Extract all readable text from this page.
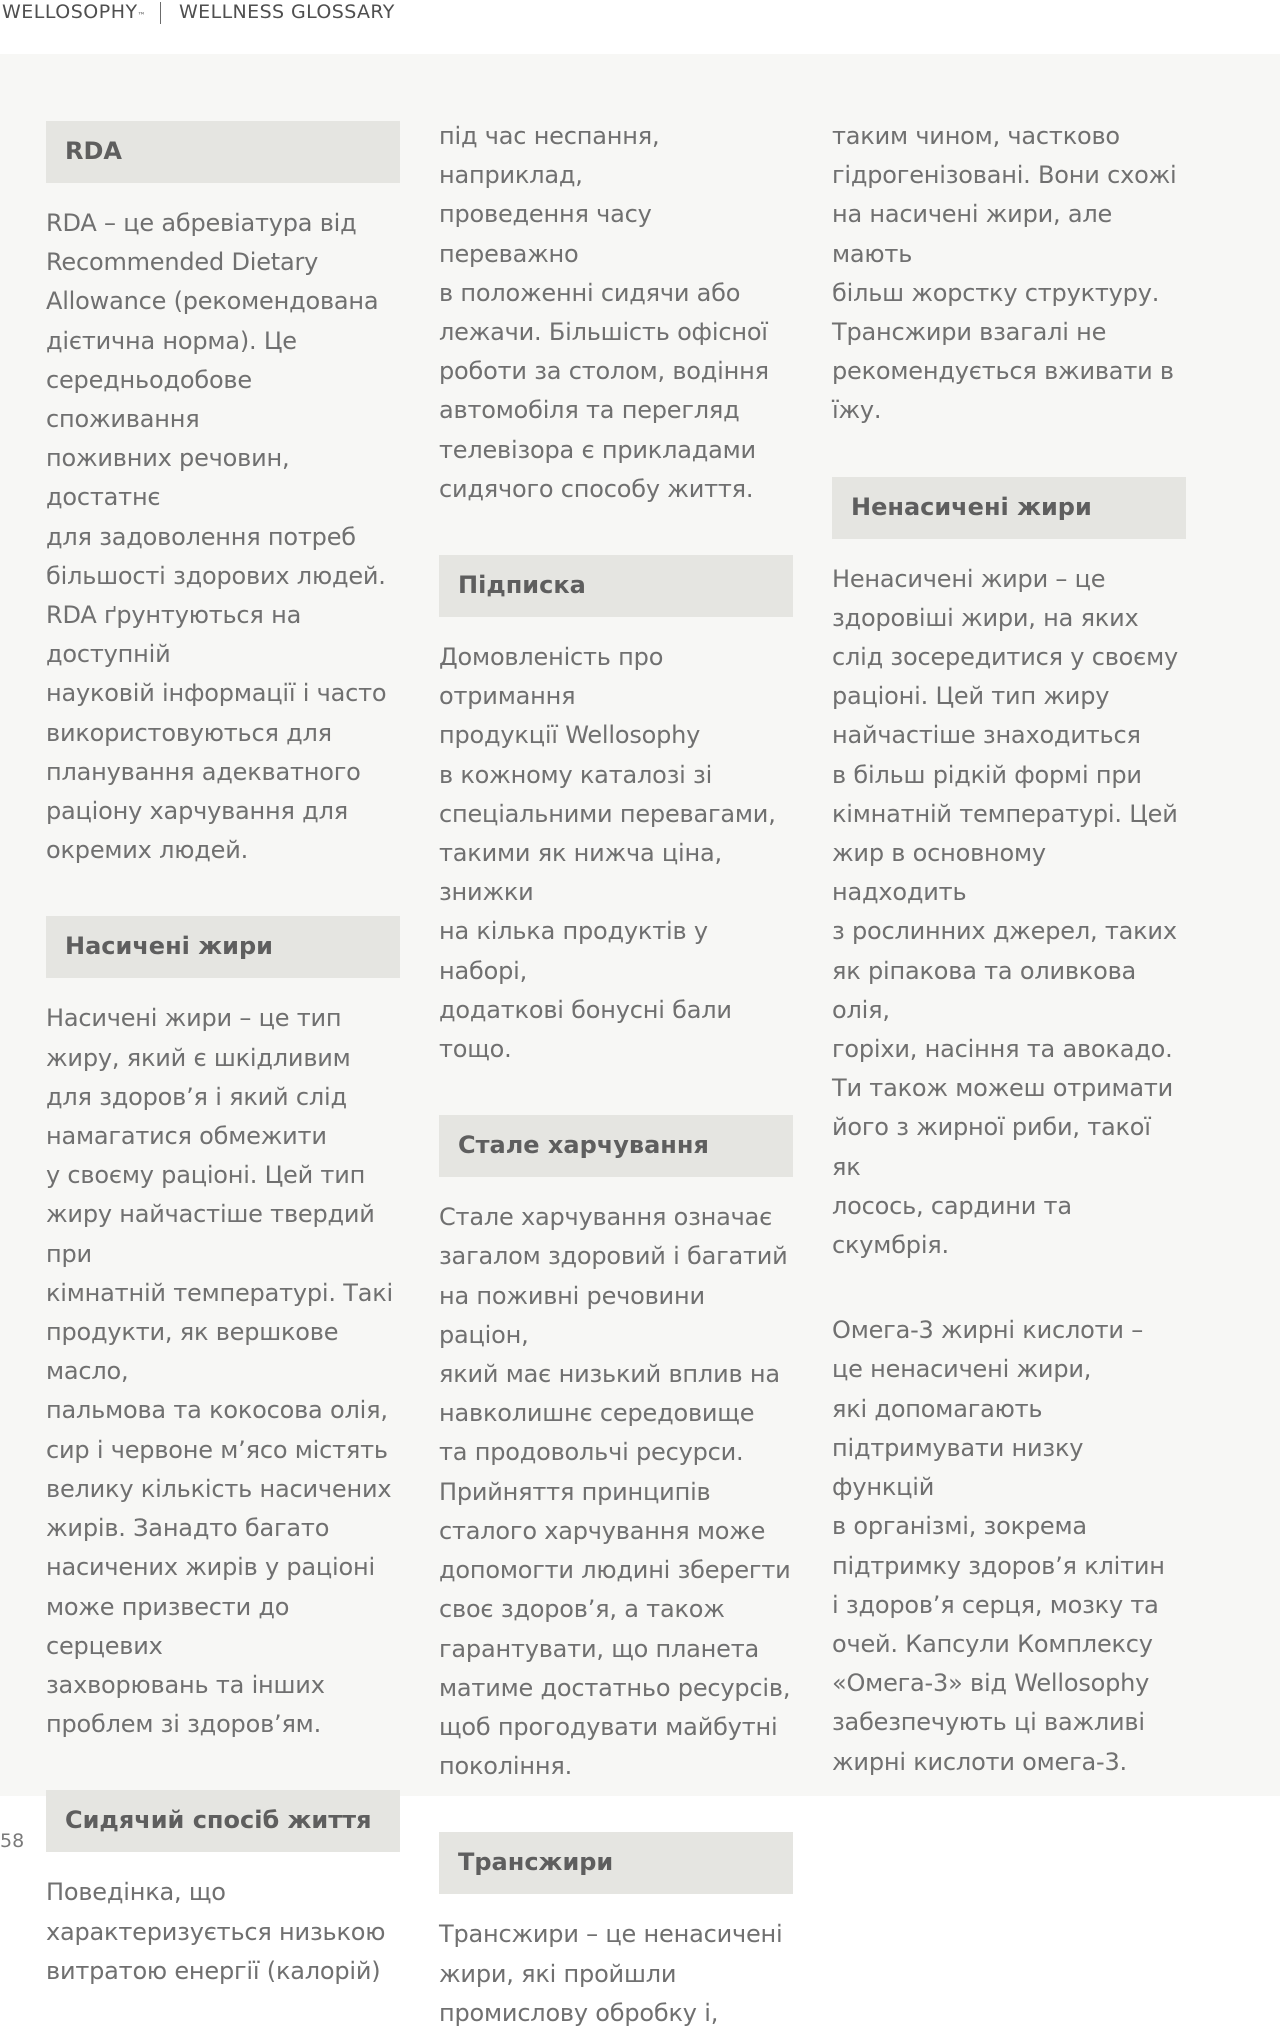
WELLOSOPHY™ WELLNESS GLOSSARY
RDA

RDA – це абревіатура від
Recommended Dietary
Allowance (рекомендована
дієтична норма). Це
середньодобове споживання
поживних речовин, достатнє
для задоволення потреб
більшості здорових людей.
RDA ґрунтуються на доступній
науковій інформації і часто
використовуються для
планування адекватного
раціону харчування для
окремих людей.

Насичені жири

Насичені жири – це тип
жиру, який є шкідливим
для здоров’я і який слід
намагатися обмежити
у своєму раціоні. Цей тип
жиру найчастіше твердий при
кімнатній температурі. Такі
продукти, як вершкове масло,
пальмова та кокосова олія,
сир і червоне м’ясо містять
велику кількість насичених
жирів. Занадто багато
насичених жирів у раціоні
може призвести до серцевих
захворювань та інших
проблем зі здоров’ям.

Сидячий спосіб життя

Поведінка, що
характеризується низькою
витратою енергії (калорій)

під час неспання, наприклад,
проведення часу переважно
в положенні сидячи або
лежачи. Більшість офісної
роботи за столом, водіння
автомобіля та перегляд
телевізора є прикладами
сидячого способу життя.

Підписка

Домовленість про отримання
продукції Wellosophy
в кожному каталозі зі
спеціальними перевагами,
такими як нижча ціна, знижки
на кілька продуктів у наборі,
додаткові бонусні бали тощо.

Стале харчування

Стале харчування означає
загалом здоровий і багатий
на поживні речовини раціон,
який має низький вплив на
навколишнє середовище
та продовольчі ресурси.
Прийняття принципів
сталого харчування може
допомогти людині зберегти
своє здоров’я, а також
гарантувати, що планета
матиме достатньо ресурсів,
щоб прогодувати майбутні
покоління.

Трансжири

Трансжири – це ненасичені
жири, які пройшли
промислову обробку і,

таким чином, частково
гідрогенізовані. Вони схожі
на насичені жири, але мають
більш жорстку структуру.
Трансжири взагалі не
рекомендується вживати в їжу.

Ненасичені жири

Ненасичені жири – це
здоровіші жири, на яких
слід зосередитися у своєму
раціоні. Цей тип жиру
найчастіше знаходиться
в більш рідкій формі при
кімнатній температурі. Цей
жир в основному надходить
з рослинних джерел, таких
як ріпакова та оливкова олія,
горіхи, насіння та авокадо.
Ти також можеш отримати
його з жирної риби, такої як
лосось, сардини та скумбрія.

Омега-3 жирні кислоти –
це ненасичені жири,
які допомагають
підтримувати низку функцій
в організмі, зокрема
підтримку здоров’я клітин
і здоров’я серця, мозку та
очей. Капсули Комплексу
«Омега-3» від Wellosophy
забезпечують ці важливі
жирні кислоти омега-3.

58
